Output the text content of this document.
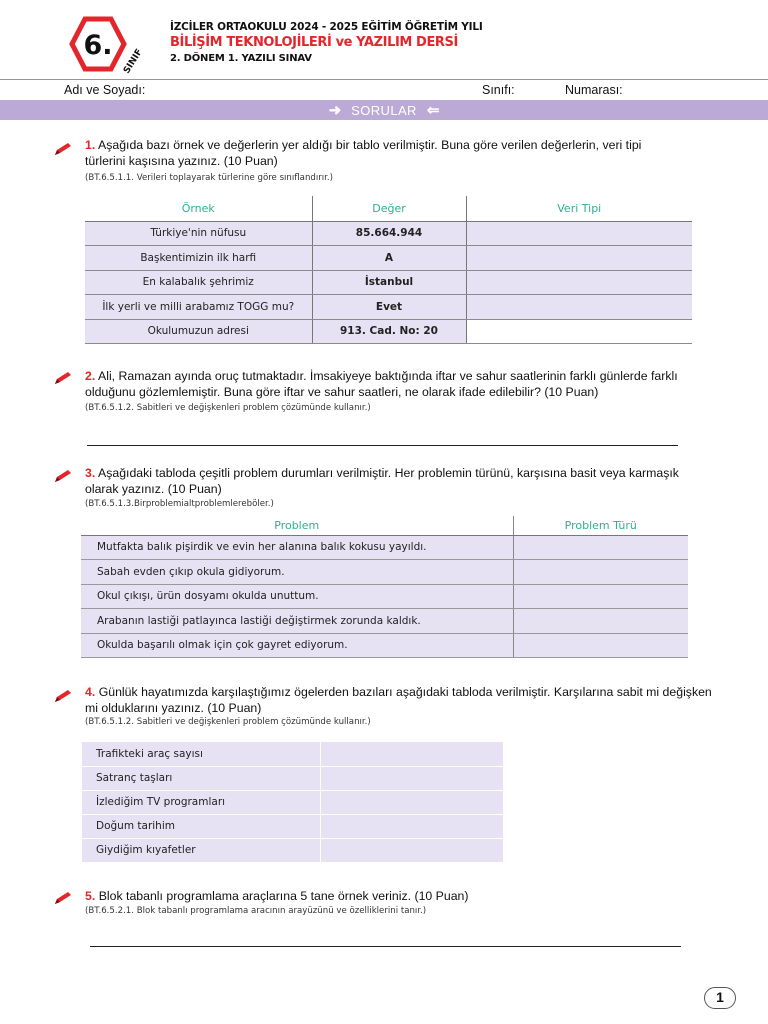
6.
SINIF
İZCİLER ORTAOKULU 2024 - 2025 EĞİTİM ÖĞRETİM YILI
BİLİŞİM TEKNOLOJİLERİ ve YAZILIM DERSİ
2. DÖNEM 1. YAZILI SINAV
Adı ve Soyadı:	Sınıfı:	Numarası:
➜ SORULAR ⇐
1. Aşağıda bazı örnek ve değerlerin yer aldığı bir tablo verilmiştir. Buna göre verilen değerlerin, veri tipi türlerini kaşısına yazınız. (10 Puan)
(BT.6.5.1.1. Verileri toplayarak türlerine göre sınıflandırır.)
Örnek	Değer	Veri Tipi
Türkiye'nin nüfusu	85.664.944	
Başkentimizin ilk harfi	A	
En kalabalık şehrimiz	İstanbul	
İlk yerli ve milli arabamız TOGG mu?	Evet	
Okulumuzun adresi	913. Cad. No: 20	
2. Ali, Ramazan ayında oruç tutmaktadır. İmsakiyeye baktığında iftar ve sahur saatlerinin farklı günlerde farklı olduğunu gözlemlemiştir. Buna göre iftar ve sahur saatleri, ne olarak ifade edilebilir? (10 Puan)
(BT.6.5.1.2. Sabitleri ve değişkenleri problem çözümünde kullanır.)
3. Aşağıdaki tabloda çeşitli problem durumları verilmiştir. Her problemin türünü, karşısına basit veya karmaşık olarak yazınız. (10 Puan)
(BT.6.5.1.3.Birproblemialtproblemlereböler.)
Problem	Problem Türü
Mutfakta balık pişirdik ve evin her alanına balık kokusu yayıldı.	
Sabah evden çıkıp okula gidiyorum.	
Okul çıkışı, ürün dosyamı okulda unuttum.	
Arabanın lastiği patlayınca lastiği değiştirmek zorunda kaldık.	
Okulda başarılı olmak için çok gayret ediyorum.	
4. Günlük hayatımızda karşılaştığımız ögelerden bazıları aşağıdaki tabloda verilmiştir. Karşılarına sabit mi değişken mi olduklarını yazınız. (10 Puan)
(BT.6.5.1.2. Sabitleri ve değişkenleri problem çözümünde kullanır.)
Trafikteki araç sayısı	
Satranç taşları	
İzlediğim TV programları	
Doğum tarihim	
Giydiğim kıyafetler	
5. Blok tabanlı programlama araçlarına 5 tane örnek veriniz. (10 Puan)
(BT.6.5.2.1. Blok tabanlı programlama aracının arayüzünü ve özelliklerini tanır.)
1
